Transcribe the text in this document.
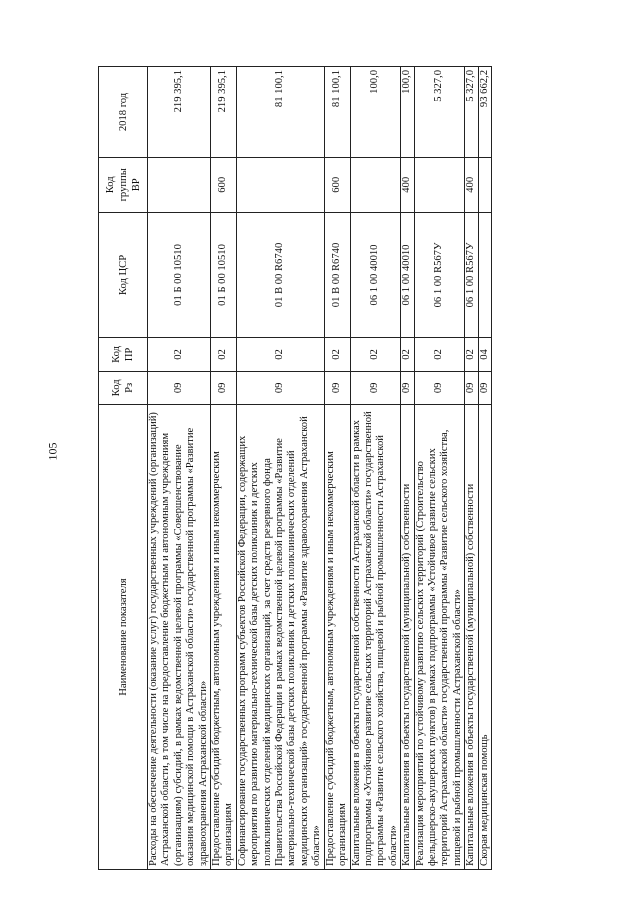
105
Наименование показателя	Код Рз	Код ПР	Код ЦСР	Код группы ВР	2018 год
Расходы на обеспечение деятельности (оказание услуг) государственных учреждений (организаций) Астраханской области, в том числе на предоставление бюджетным и автономным учреждениям (организациям) субсидий, в рамках ведомственной целевой программы «Совершенствование оказания медицинской помощи в Астраханской области» государственной программы «Развитие здравоохранения Астраханской области»	09	02	01 Б 00 10510		219 395,1
Предоставление субсидий бюджетным, автономным учреждениям и иным некоммерческим организациям	09	02	01 Б 00 10510	600	219 395,1
Софинансирование государственных программ субъектов Российской Федерации, содержащих мероприятия по развитию материально-технической базы детских поликлиник и детских поликлинических отделений медицинских организаций, за счет средств резервного фонда Правительства Российской Федерации в рамках ведомственной целевой программы «Развитие материально-технической базы детских поликлиник и детских поликлинических отделений медицинских организаций» государственной программы «Развитие здравоохранения Астраханской области»	09	02	01 В 00 R6740		81 100,1
Предоставление субсидий бюджетным, автономным учреждениям и иным некоммерческим организациям	09	02	01 В 00 R6740	600	81 100,1
Капитальные вложения в объекты государственной собственности Астраханской области в рамках подпрограммы «Устойчивое развитие сельских территорий Астраханской области» государственной программы «Развитие сельского хозяйства, пищевой и рыбной промышленности Астраханской области»	09	02	06 1 00 40010		100,0
Капитальные вложения в объекты государственной (муниципальной) собственности	09	02	06 1 00 40010	400	100,0
Реализация мероприятий по устойчивому развитию сельских территорий (Строительство фельдшерско-акушерских пунктов) в рамках подпрограммы «Устойчивое развитие сельских территорий Астраханской области» государственной программы «Развитие сельского хозяйства, пищевой и рыбной промышленности Астраханской области»	09	02	06 1 00 R567У		5 327,0
Капитальные вложения в объекты государственной (муниципальной) собственности	09	02	06 1 00 R567У	400	5 327,0
Скорая медицинская помощь	09	04			93 662,2
